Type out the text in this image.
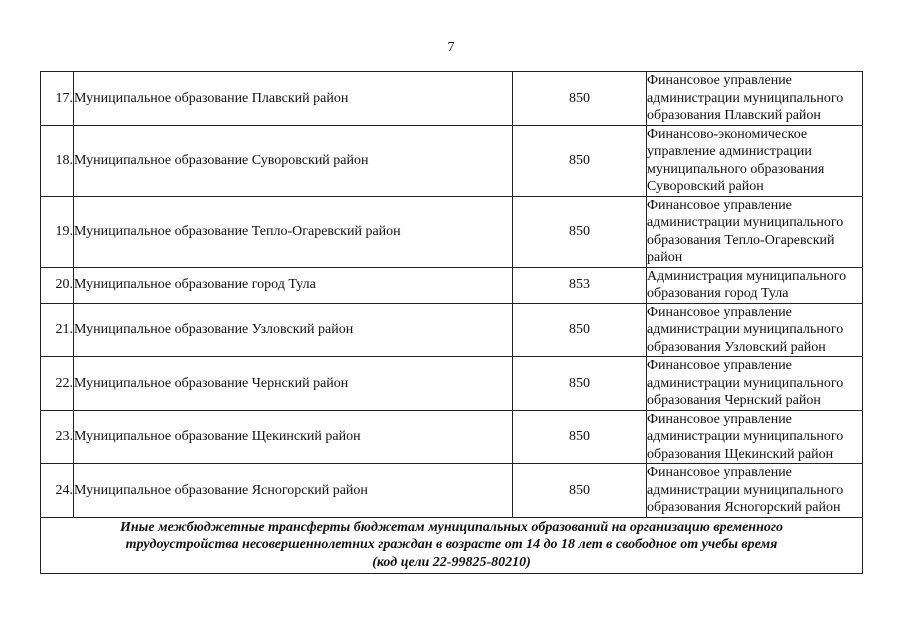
7
17.	Муниципальное образование Плавский район	850	Финансовое управление
администрации муниципального
образования Плавский район

18.	Муниципальное образование Суворовский район	850	Финансово-экономическое
управление администрации
муниципального образования
Суворовский район

19.	Муниципальное образование Тепло-Огаревский район	850	Финансовое управление
администрации муниципального
образования Тепло-Огаревский
район

20.	Муниципальное образование город Тула	853	Администрация муниципального
образования город Тула

21.	Муниципальное образование Узловский район	850	Финансовое управление
администрации муниципального
образования Узловский район

22.	Муниципальное образование Чернский район	850	Финансовое управление
администрации муниципального
образования Чернский район

23.	Муниципальное образование Щекинский район	850	Финансовое управление
администрации муниципального
образования Щекинский район

24.	Муниципальное образование Ясногорский район	850	Финансовое управление
администрации муниципального
образования Ясногорский район

Иные межбюджетные трансферты бюджетам муниципальных образований на организацию временного
трудоустройства несовершеннолетних граждан в возрасте от 14 до 18 лет в свободное от учебы время
(код цели 22-99825-80210)			
